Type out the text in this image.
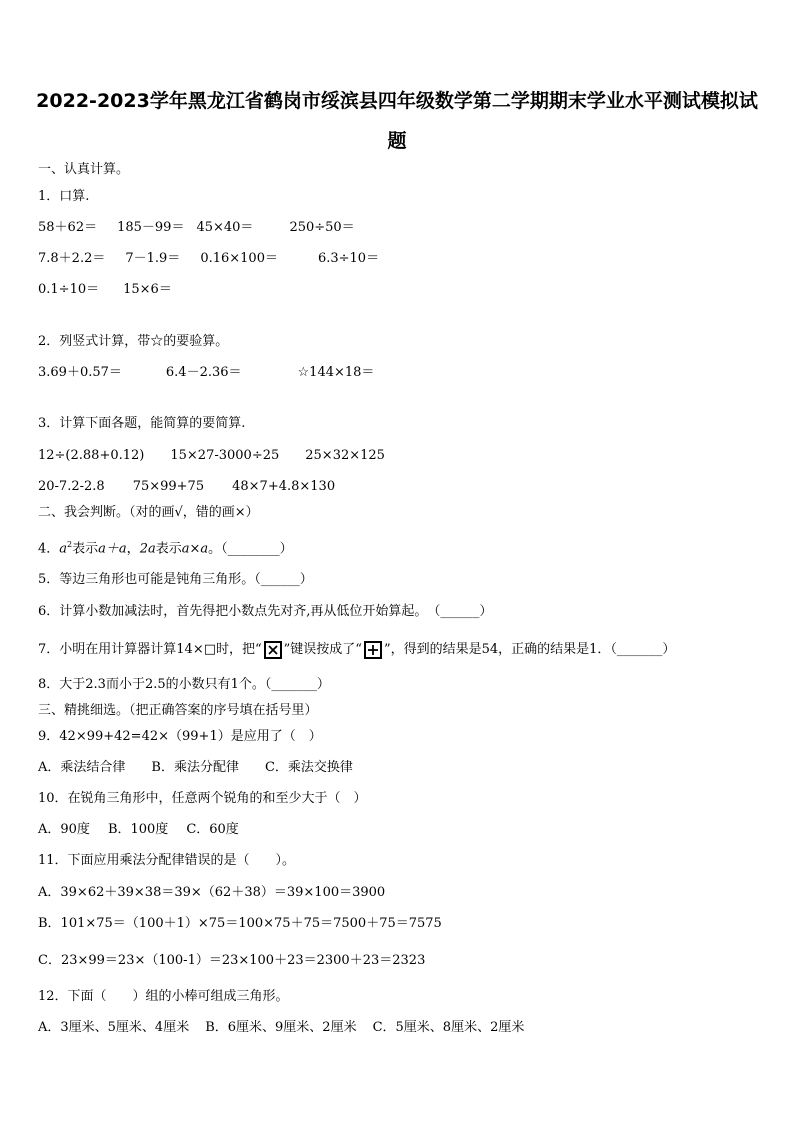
2022-2023学年黑龙江省鹤岗市绥滨县四年级数学第二学期期末学业水平测试模拟试
题
一、认真计算。
1．口算.
58＋62＝ 185－99＝ 45×40＝	250÷50＝
7.8＋2.2＝ 7－1.9＝ 0.16×100＝	6.3÷10＝
0.1÷10＝ 15×6＝
2．列竖式计算，带☆的要验算。
3.69＋0.57＝	6.4－2.36＝	☆144×18＝
3．计算下面各题，能简算的要简算.
12÷(2.88+0.12) 15×27-3000÷25 25×32×125
20-7.2-2.8 75×99+75 48×7+4.8×130
二、我会判断。（对的画√，错的画×）
4．$a^2$表示a＋a，2a表示a×a。（________）
5．等边三角形也可能是钝角三角形。（______）
6．计算小数加减法时，首先得把小数点先对齐,再从低位开始算起。　（______）
7．小明在用计算器计算14×□时，把“ ”键误按成了“ ”，得到的结果是54，正确的结果是1．（_______）
8．大于2.3而小于2.5的小数只有1个。（_______）
三、精挑细选。（把正确答案的序号填在括号里）
9．42×99+42=42×（99+1）是应用了（　）
A．乘法结合律 B．乘法分配律 C．乘法交换律
10．在锐角三角形中，任意两个锐角的和至少大于（　）
A．90度 B．100度 C．60度
11．下面应用乘法分配律错误的是（　　）。
A．39×62＋39×38＝39×（62＋38）＝39×100＝3900
B．101×75＝（100＋1）×75＝100×75＋75＝7500＋75＝7575
C．23×99＝23×（100-1）＝23×100＋23＝2300＋23＝2323
12．下面（　　）组的小棒可组成三角形。
A．3厘米、5厘米、4厘米 B．6厘米、9厘米、2厘米 C．5厘米、8厘米、2厘米
